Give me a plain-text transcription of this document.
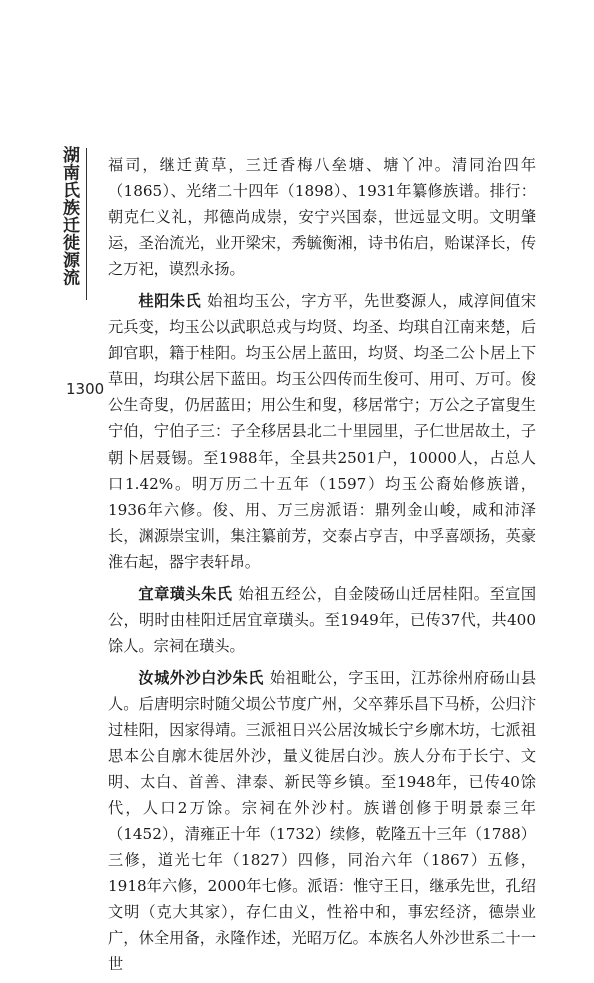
湖南氏族迁徙源流
1300

福司，继迁黄草，三迁香梅八垒塘、塘丫冲。清同治四年（1865）、光绪二十四年（1898）、1931年纂修族谱。排行：朝克仁义礼，邦德尚成崇，安宁兴国泰，世远显文明。文明肇运，圣治流光，业开梁宋，秀毓衡湘，诗书佑启，贻谋泽长，传之万祀，谟烈永扬。

桂阳朱氏 始祖均玉公，字方平，先世婺源人，咸淳间值宋元兵变，均玉公以武职总戎与均贤、均圣、均琪自江南来楚，后卸官职，籍于桂阳。均玉公居上蓝田，均贤、均圣二公卜居上下草田，均琪公居下蓝田。均玉公四传而生俊可、用可、万可。俊公生奇叟，仍居蓝田；用公生和叟，移居常宁；万公之子富叟生宁伯，宁伯子三：子全移居县北二十里园里，子仁世居故土，子朝卜居聂锡。至1988年，全县共2501户，10000人，占总人口1.42%。明万历二十五年（1597）均玉公裔始修族谱，1936年六修。俊、用、万三房派语：鼎列金山峻，咸和沛泽长，渊源崇宝训，集注纂前芳，交泰占亨吉，中孚喜颂扬，英豪淮右起，器宇表轩昂。

宜章璜头朱氏 始祖五经公，自金陵砀山迁居桂阳。至宣国公，明时由桂阳迁居宜章璜头。至1949年，已传37代，共400馀人。宗祠在璜头。

汝城外沙白沙朱氏 始祖毗公，字玉田，江苏徐州府砀山县人。后唐明宗时随父埙公节度广州，父卒葬乐昌下马桥，公归汴过桂阳，因家得靖。三派祖日兴公居汝城长宁乡廓木坊，七派祖思本公自廓木徙居外沙，量义徙居白沙。族人分布于长宁、文明、太白、首善、津泰、新民等乡镇。至1948年，已传40馀代，人口2万馀。宗祠在外沙村。族谱创修于明景泰三年（1452），清雍正十年（1732）续修，乾隆五十三年（1788）三修，道光七年（1827）四修，同治六年（1867）五修，1918年六修，2000年七修。派语：惟守王日，继承先世，孔绍文明（克大其家），存仁由义，性裕中和，事宏经济，德崇业广，休全用备，永隆作述，光昭万亿。本族名人外沙世系二十一世
